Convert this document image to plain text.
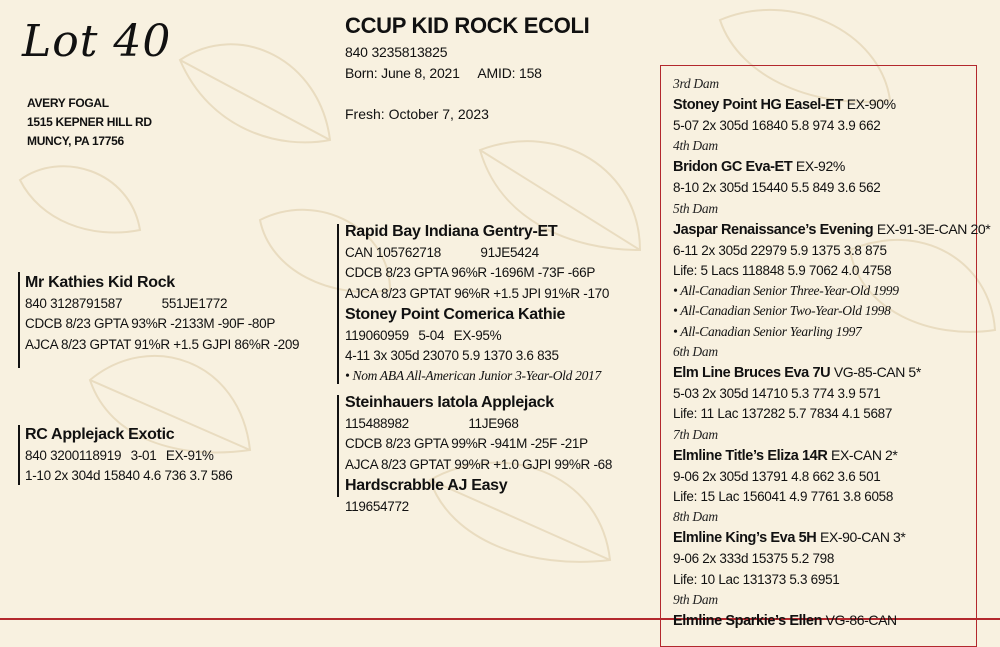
Lot 40
AVERY FOGAL
1515 KEPNER HILL RD
MUNCY, PA 17756
CCUP KID ROCK ECOLI
840 3235813825
Born: June 8, 2021 AMID: 158
Fresh: October 7, 2023
Mr Kathies Kid Rock
840 3128791587	551JE1772
CDCB 8/23 GPTA 93%R -2133M -90F -80P
AJCA 8/23 GPTAT 91%R +1.5 GJPI 86%R -209
RC Applejack Exotic
840 3200118919 3-01 EX-91%
1-10 2x 304d 15840 4.6 736 3.7 586
Rapid Bay Indiana Gentry-ET
CAN 105762718	91JE5424
CDCB 8/23 GPTA 96%R -1696M -73F -66P
AJCA 8/23 GPTAT 96%R +1.5 JPI 91%R -170
Stoney Point Comerica Kathie
119060959 5-04 EX-95%
4-11 3x 305d 23070 5.9 1370 3.6 835
• Nom ABA All-American Junior 3-Year-Old 2017
Steinhauers Iatola Applejack
115488982	11JE968
CDCB 8/23 GPTA 99%R -941M -25F -21P
AJCA 8/23 GPTAT 99%R +1.0 GJPI 99%R -68
Hardscrabble AJ Easy
119654772
3rd Dam
Stoney Point HG Easel-ET EX-90%
5-07 2x 305d 16840 5.8 974 3.9 662
4th Dam
Bridon GC Eva-ET EX-92%
8-10 2x 305d 15440 5.5 849 3.6 562
5th Dam
Jaspar Renaissance’s Evening EX-91-3E-CAN 20*
6-11 2x 305d 22979 5.9 1375 3.8 875
Life: 5 Lacs 118848 5.9 7062 4.0 4758
• All-Canadian Senior Three-Year-Old 1999
• All-Canadian Senior Two-Year-Old 1998
• All-Canadian Senior Yearling 1997
6th Dam
Elm Line Bruces Eva 7U VG-85-CAN 5*
5-03 2x 305d 14710 5.3 774 3.9 571
Life: 11 Lac 137282 5.7 7834 4.1 5687
7th Dam
Elmline Title’s Eliza 14R EX-CAN 2*
9-06 2x 305d 13791 4.8 662 3.6 501
Life: 15 Lac 156041 4.9 7761 3.8 6058
8th Dam
Elmline King’s Eva 5H EX-90-CAN 3*
9-06 2x 333d 15375 5.2 798
Life: 10 Lac 131373 5.3 6951
9th Dam
Elmline Sparkie’s Ellen VG-86-CAN
